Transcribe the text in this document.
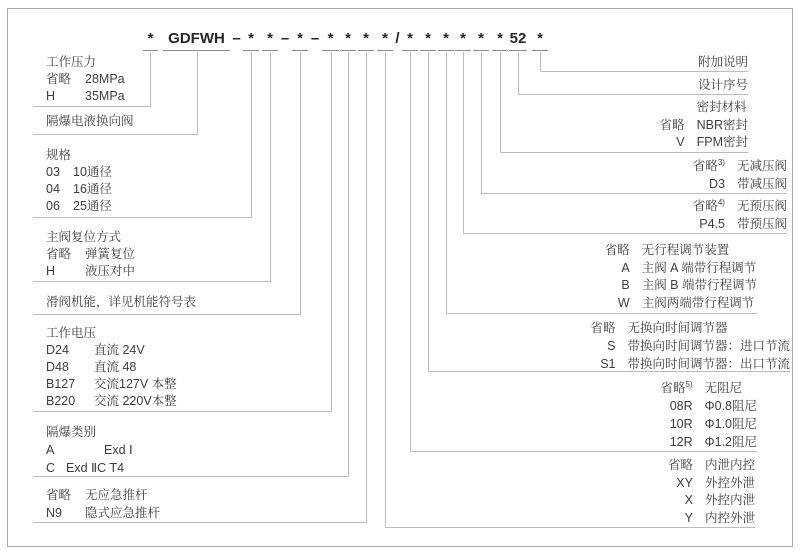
* GDFWH – * * – * – * * * * / * * * * * * 52 *
工作压力
省略	28MPa
H	35MPa
隔爆电液换向阀
规格
03	10通径
04	16通径
06	25通径
主阀复位方式
省略	弹簧复位
H	液压对中
滑阀机能，详见机能符号表
工作电压
D24	直流 24V
D48	直流 48
B127	交流127V 本整
B220	交流 220V本整
隔爆类别
A	Exd Ⅰ
C Exd ⅡC T4
省略	无应急推杆
N9	隐式应急推杆
附加说明
设计序号
密封材料
省略 NBR密封
V FPM密封
省略$^{3)}$ 无减压阀
D3 带减压阀
省略$^{4)}$ 无预压阀
P4.5 带预压阀
省略 无行程调节装置
A 主阀 A 端带行程调节
B 主阀 B 端带行程调节
W 主阀两端带行程调节
省略 无换向时间调节器
S 带换向时间调节器：进口节流
S1 带换向时间调节器：出口节流
省略$^{5)}$ 无阻尼
08R Φ0.8阻尼
10R Φ1.0阻尼
12R Φ1.2阻尼
省略 内泄内控
XY 外控外泄
X 外控内泄
Y 内控外泄
